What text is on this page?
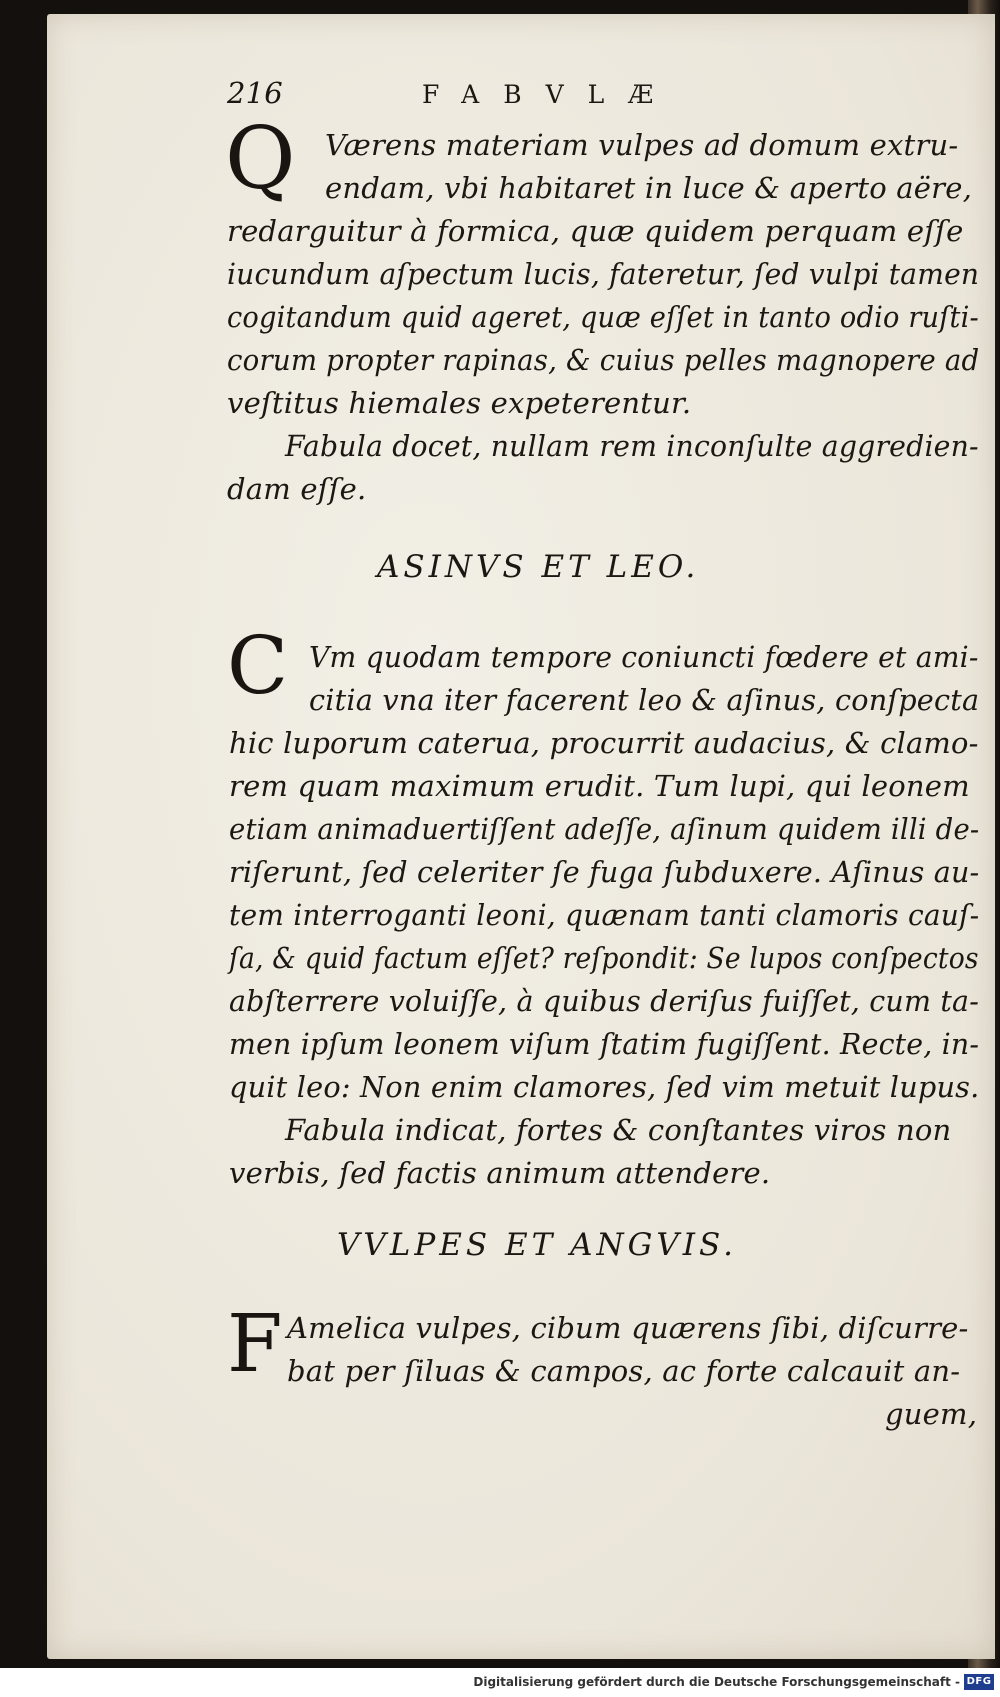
216	FABVLÆ
Q Værens materiam vulpes ad domum extru-
endam, vbi habitaret in luce & aperto aëre,
redarguitur à formica, quæ quidem perquam eſſe
iucundum aſpectum lucis, fateretur, ſed vulpi tamen
cogitandum quid ageret, quæ eſſet in tanto odio ruſti-
corum propter rapinas, & cuius pelles magnopere ad
veſtitus hiemales expeterentur.
Fabula docet, nullam rem inconſulte aggredien-
dam eſſe.
ASINVS ET LEO.
C Vm quodam tempore coniuncti fœdere et ami-
citia vna iter facerent leo & aſinus, conſpecta
hic luporum caterua, procurrit audacius, & clamo-
rem quam maximum erudit. Tum lupi, qui leonem
etiam animaduertiſſent adeſſe, aſinum quidem illi de-
riſerunt, ſed celeriter ſe fuga ſubduxere. Aſinus au-
tem interroganti leoni, quænam tanti clamoris cauſ-
ſa, & quid factum eſſet? reſpondit: Se lupos conſpectos
abſterrere voluiſſe, à quibus deriſus fuiſſet, cum ta-
men ipſum leonem viſum ſtatim fugiſſent. Recte, in-
quit leo: Non enim clamores, ſed vim metuit lupus.
Fabula indicat, fortes & conſtantes viros non
verbis, ſed factis animum attendere.
VVLPES ET ANGVIS.
F Amelica vulpes, cibum quærens ſibi, diſcurre-
bat per ſiluas & campos, ac forte calcauit an-
guem,
Digitalisierung gefördert durch die Deutsche Forschungsgemeinschaft - DFG
